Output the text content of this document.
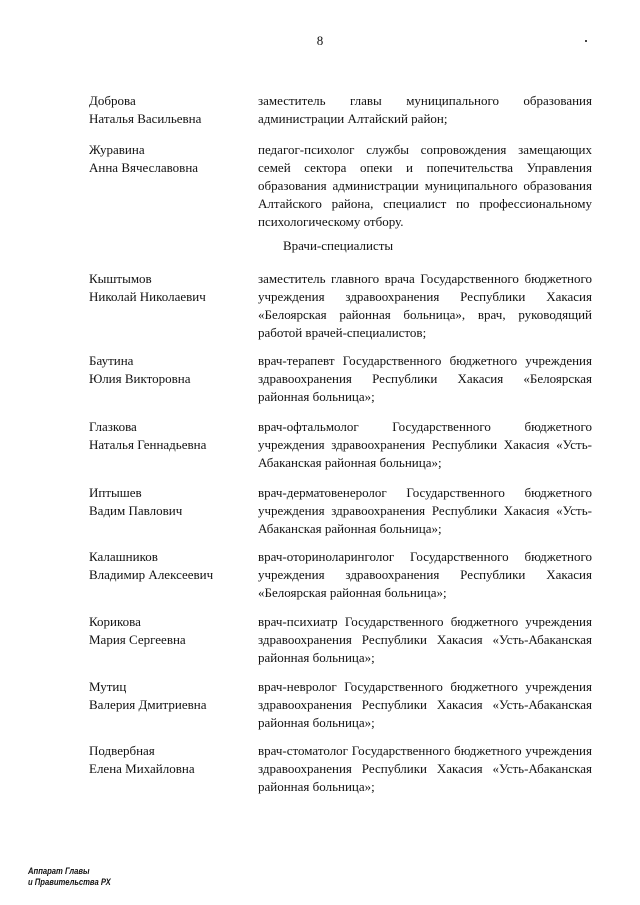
8
Доброва
Наталья Васильевна
заместитель главы муниципального образования администрации Алтайский район;
Журавина
Анна Вячеславовна
педагог-психолог службы сопровождения замещающих семей сектора опеки и попечительства Управления образования администрации муниципального образования Алтайского района, специалист по профессиональному психологическому отбору.
Врачи-специалисты
Кыштымов
Николай Николаевич
заместитель главного врача Государственного бюджетного учреждения здравоохранения Республики Хакасия «Белоярская районная больница», врач, руководящий работой врачей-специалистов;
Баутина
Юлия Викторовна
врач-терапевт Государственного бюджетного учреждения здравоохранения Республики Хакасия «Белоярская районная больница»;
Глазкова
Наталья Геннадьевна
врач-офтальмолог Государственного бюджетного учреждения здравоохранения Республики Хакасия «Усть-Абаканская районная больница»;
Иптышев
Вадим Павлович
врач-дерматовенеролог Государственного бюджетного учреждения здравоохранения Республики Хакасия «Усть-Абаканская районная больница»;
Калашников
Владимир Алексеевич
врач-оториноларинголог Государственного бюджетного учреждения здравоохранения Республики Хакасия «Белоярская районная больница»;
Корикова
Мария Сергеевна
врач-психиатр Государственного бюджетного учреждения здравоохранения Республики Хакасия «Усть-Абаканская районная больница»;
Мутиц
Валерия Дмитриевна
врач-невролог Государственного бюджетного учреждения здравоохранения Республики Хакасия «Усть-Абаканская районная больница»;
Подвербная
Елена Михайловна
врач-стоматолог Государственного бюджетного учреждения здравоохранения Республики Хакасия «Усть-Абаканская районная больница»;
Аппарат Главы
и Правительства РХ
